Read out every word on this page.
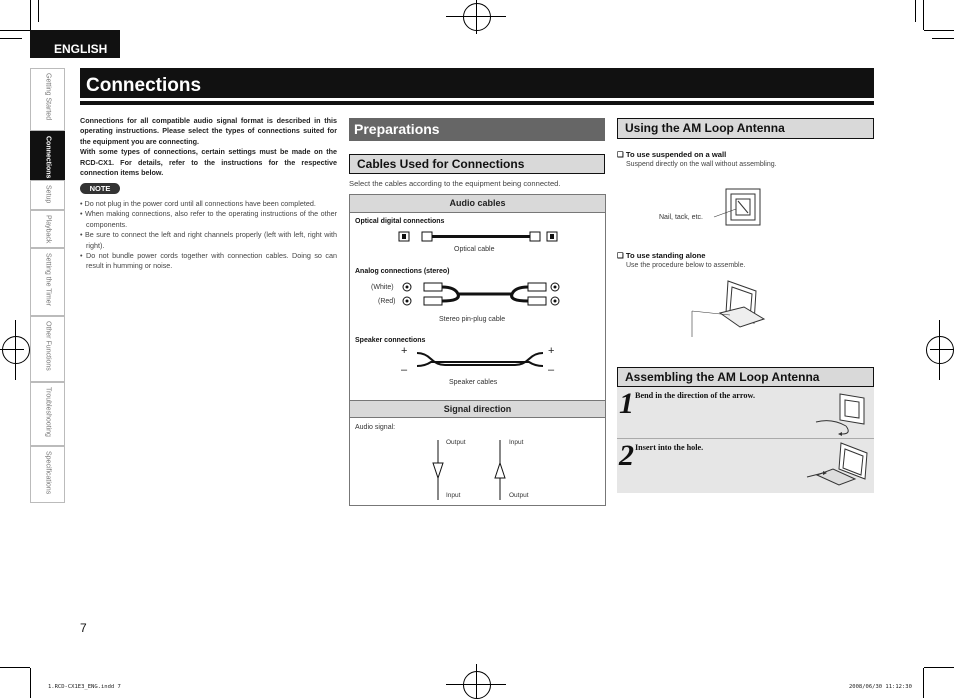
ENGLISH
Getting Started
Connections
Setup
Playback
Setting the Timer
Other Functions
Troubleshooting
Specifications
Connections
Connections for all compatible audio signal format is described in this operating instructions. Please select the types of connections suited for the equipment you are connecting.
With some types of connections, certain settings must be made on the RCD-CX1. For details, refer to the instructions for the respective connection items below.
NOTE
• Do not plug in the power cord until all connections have been completed.
• When making connections, also refer to the operating instructions of the other components.
• Be sure to connect the left and right channels properly (left with left, right with right).
• Do not bundle power cords together with connection cables. Doing so can result in humming or noise.
Preparations
Cables Used for Connections
Select the cables according to the equipment being connected.
Audio cables
Optical digital connections
Optical cable
Analog connections (stereo)
(White)
(Red)
Stereo pin-plug cable
Speaker connections
+
–
+
–
Speaker cables
Signal direction
Audio signal:
Output	Input
Input	Output
Using the AM Loop Antenna
❑ To use suspended on a wall
Suspend directly on the wall without assembling.
Nail, tack, etc.
❑ To use standing alone
Use the procedure below to assemble.
Assembling the AM Loop Antenna
1 Bend in the direction of the arrow.
2 Insert into the hole.
7
1.RCD-CX1E3_ENG.indd 7	2008/06/30 11:12:30
